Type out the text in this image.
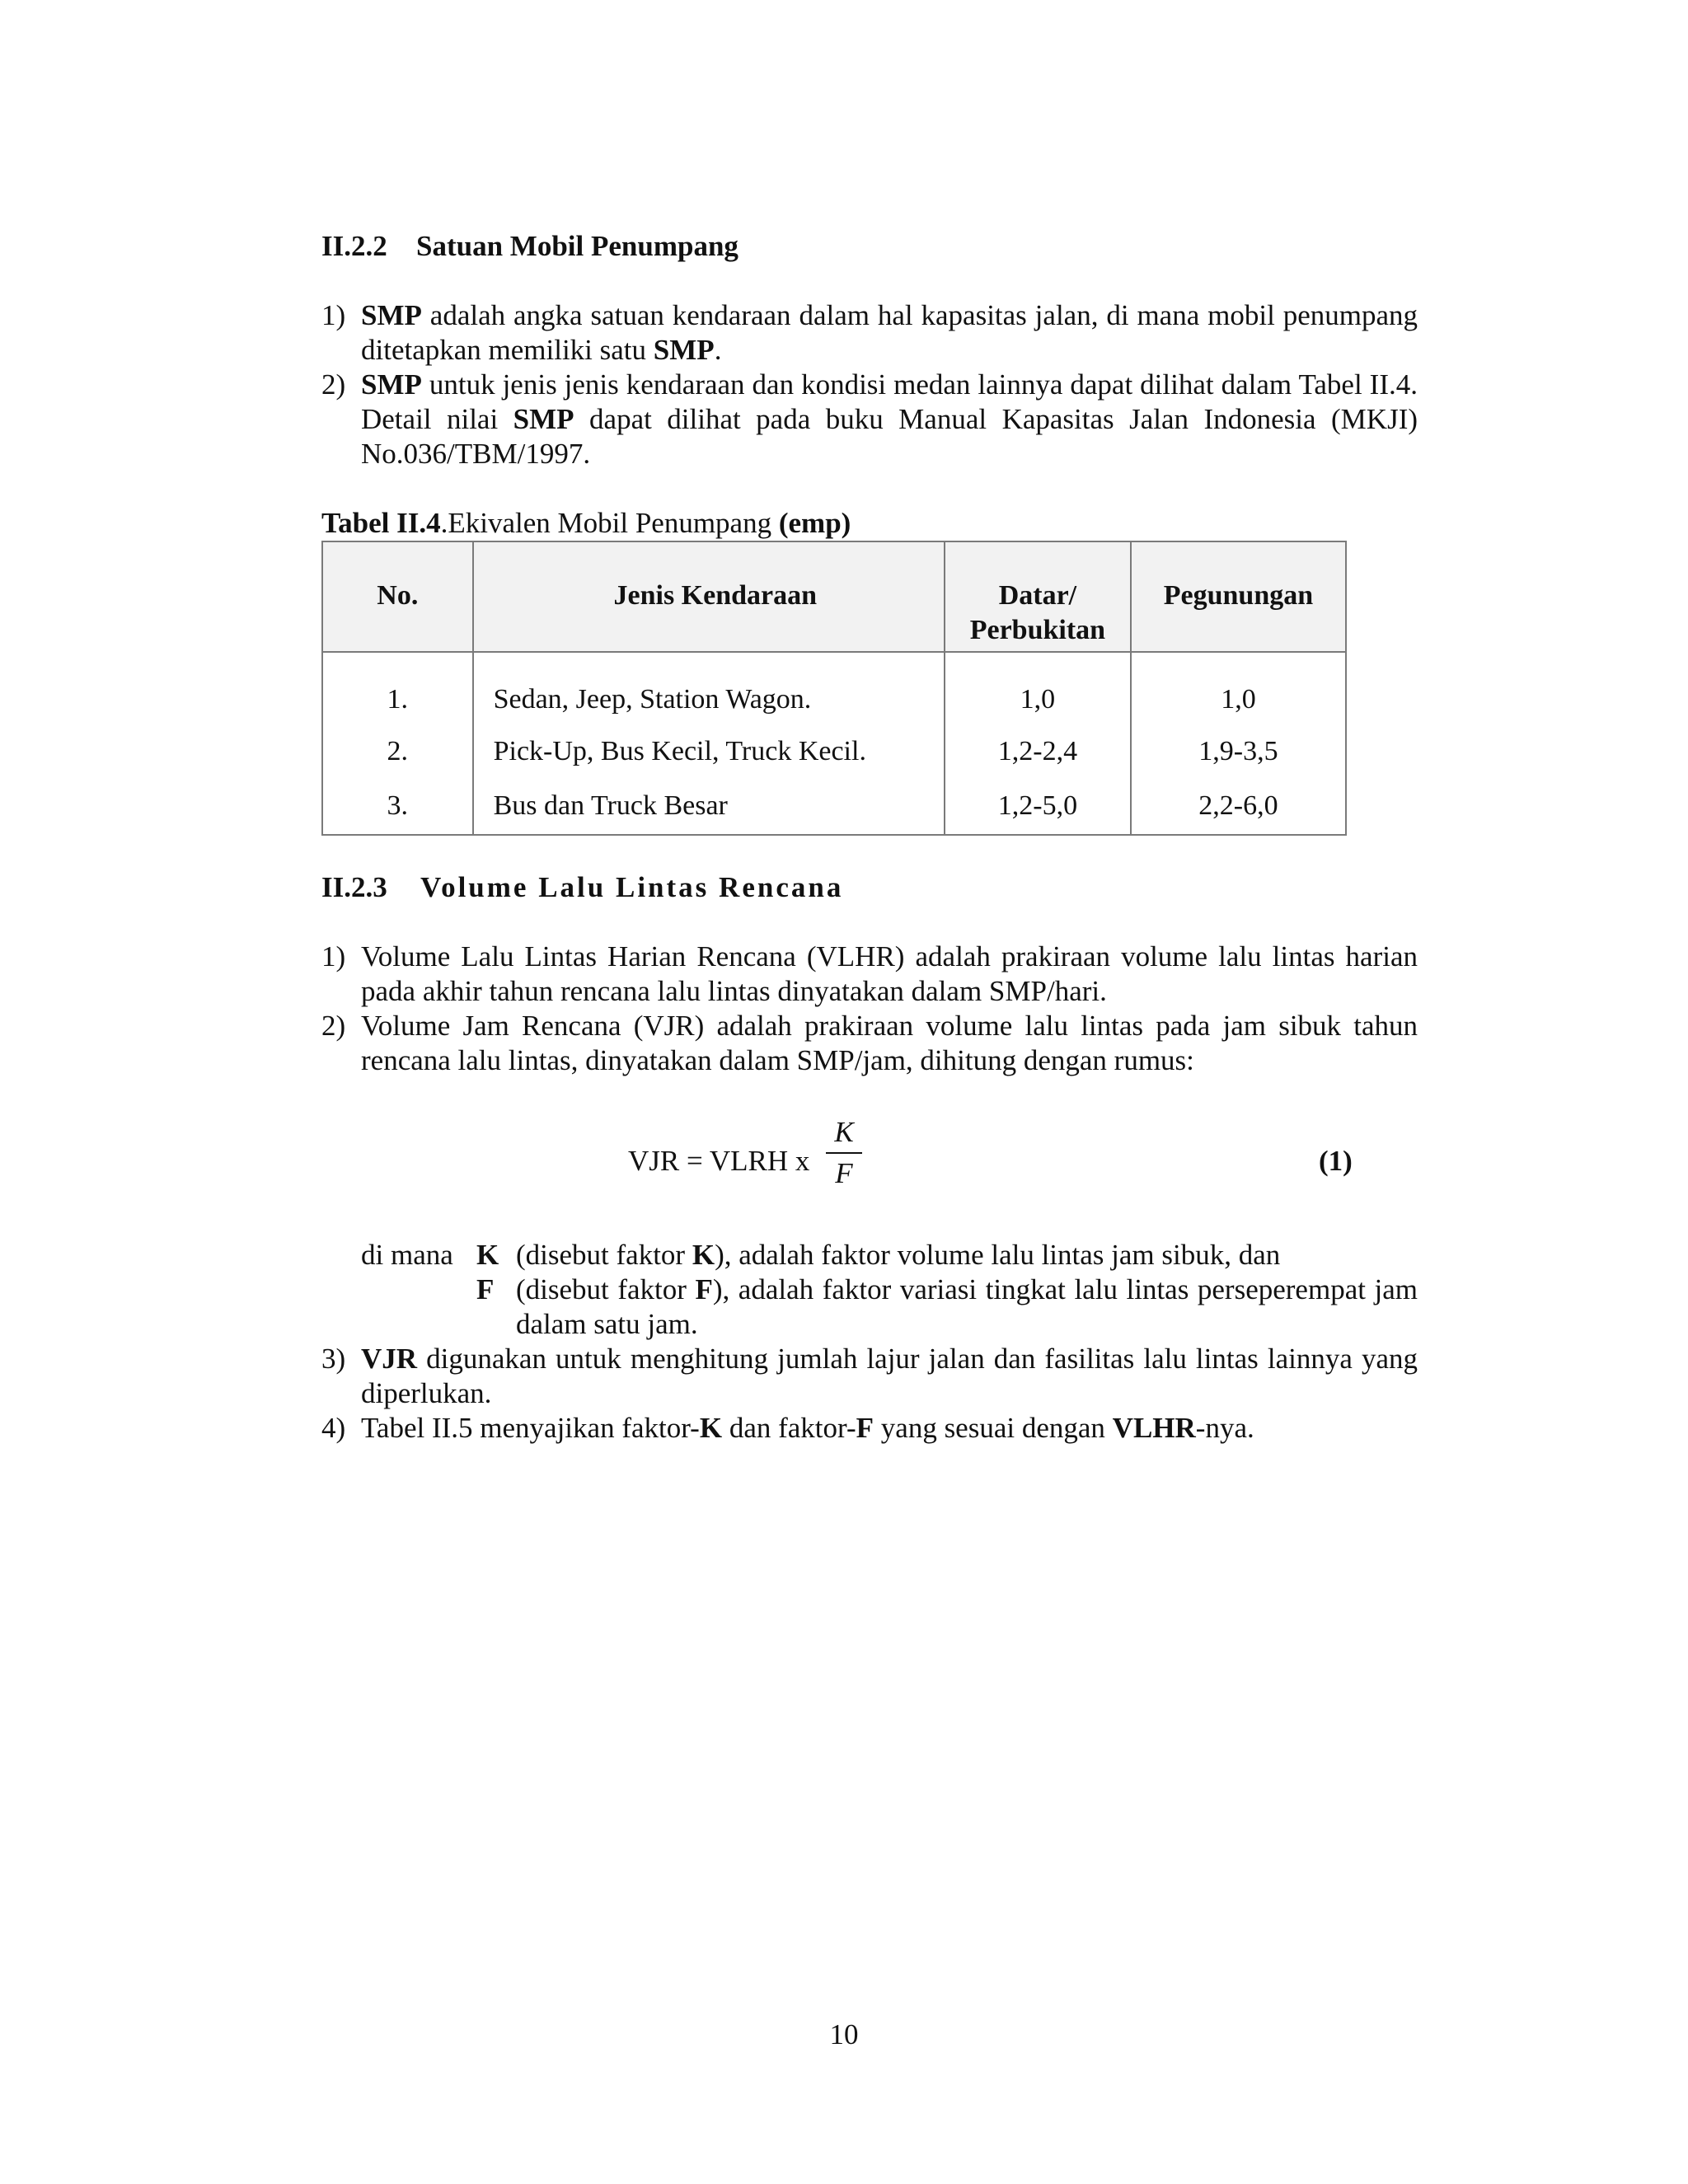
II.2.2 Satuan Mobil Penumpang

1) SMP adalah angka satuan kendaraan dalam hal kapasitas jalan, di mana mobil penumpang ditetapkan memiliki satu SMP.
2) SMP untuk jenis jenis kendaraan dan kondisi medan lainnya dapat dilihat dalam Tabel II.4. Detail nilai SMP dapat dilihat pada buku Manual Kapasitas Jalan Indonesia (MKJI) No.036/TBM/1997.

Tabel II.4.Ekivalen Mobil Penumpang (emp)

No.	Jenis Kendaraan	Datar/ Perbukitan	Pegunungan
1.	Sedan, Jeep, Station Wagon.	1,0	1,0
2.	Pick-Up, Bus Kecil, Truck Kecil.	1,2-2,4	1,9-3,5
3.	Bus dan Truck Besar	1,2-5,0	2,2-6,0

II.2.3 Volume Lalu Lintas Rencana

1) Volume Lalu Lintas Harian Rencana (VLHR) adalah prakiraan volume lalu lintas harian pada akhir tahun rencana lalu lintas dinyatakan dalam SMP/hari.
2) Volume Jam Rencana (VJR) adalah prakiraan volume lalu lintas pada jam sibuk tahun rencana lalu lintas, dinyatakan dalam SMP/jam, dihitung dengan rumus:
VJR = VLRH x
K
F	(1)
di mana K (disebut faktor K), adalah faktor volume lalu lintas jam sibuk, dan
F (disebut faktor F), adalah faktor variasi tingkat lalu lintas perseperempat jam dalam satu jam.
3) VJR digunakan untuk menghitung jumlah lajur jalan dan fasilitas lalu lintas lainnya yang diperlukan.
4) Tabel II.5 menyajikan faktor-K dan faktor-F yang sesuai dengan VLHR-nya.
10
